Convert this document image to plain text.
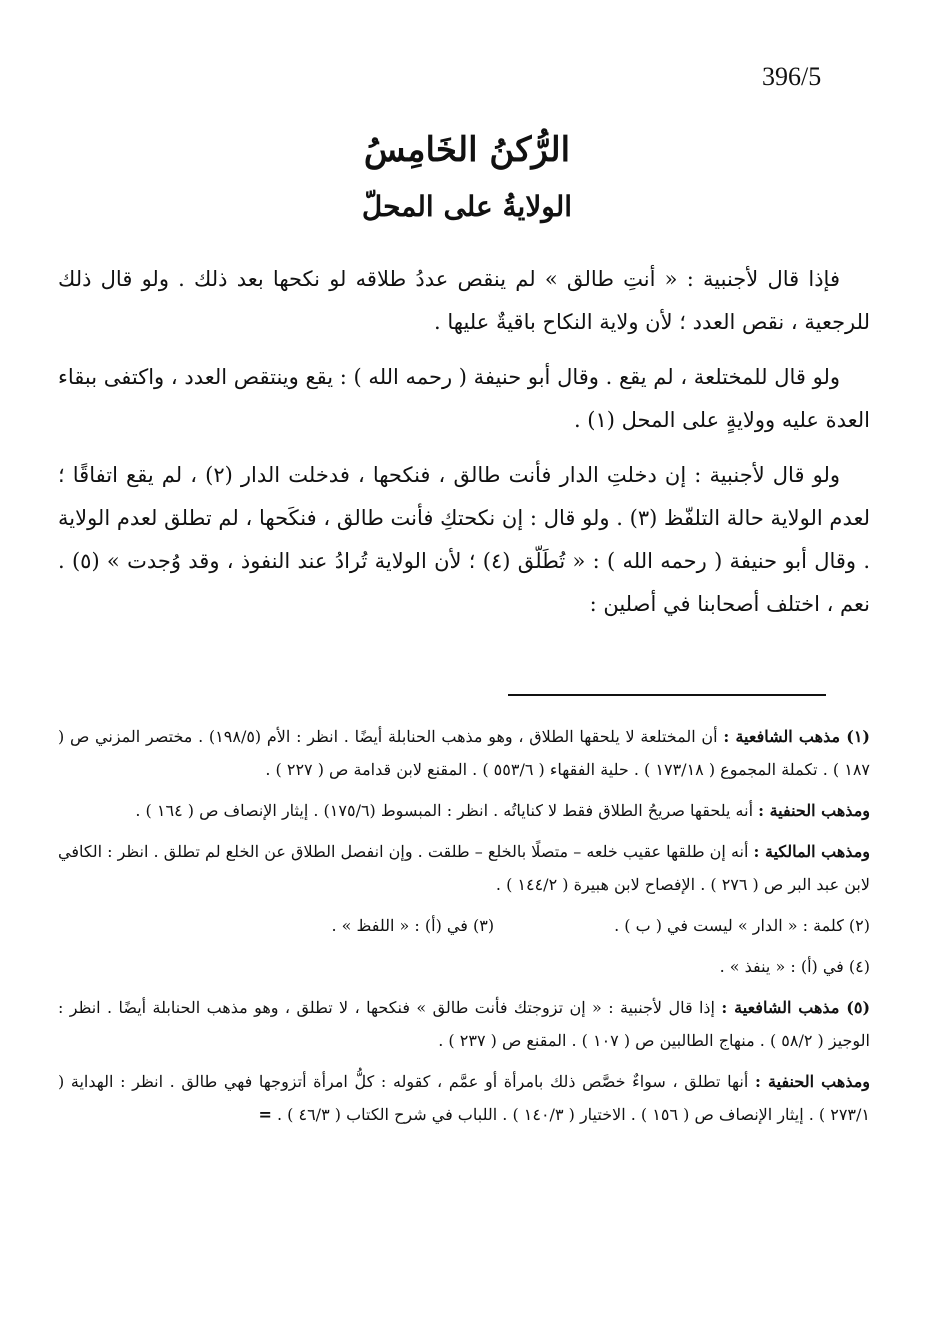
396/5
الرُّكنُ الخَامِسُ
الولايةُ على المحلّ

فإذا قال لأجنبية : « أنتِ طالق » لم ينقص عددُ طلاقه لو نكحها بعد ذلك . ولو قال ذلك للرجعية ، نقص العدد ؛ لأن ولاية النكاح باقيةٌ عليها .

ولو قال للمختلعة ، لم يقع . وقال أبو حنيفة ( رحمه الله ) : يقع وينتقص العدد ، واكتفى ببقاء العدة عليه وولايةٍ على المحل (١) .

ولو قال لأجنبية : إن دخلتِ الدار فأنت طالق ، فنكحها ، فدخلت الدار (٢) ، لم يقع اتفاقًا ؛ لعدم الولاية حالة التلفّظ (٣) . ولو قال : إن نكحتكِ فأنت طالق ، فنكَحها ، لم تطلق لعدم الولاية . وقال أبو حنيفة ( رحمه الله ) : « تُطَلّق (٤) ؛ لأن الولاية تُرادُ عند النفوذ ، وقد وُجدت » (٥) . نعم ، اختلف أصحابنا في أصلين :

(١) مذهب الشافعية : أن المختلعة لا يلحقها الطلاق ، وهو مذهب الحنابلة أيضًا . انظر : الأم (١٩٨/٥) . مختصر المزني ص ( ١٨٧ ) . تكملة المجموع ( ١٧٣/١٨ ) . حلية الفقهاء ( ٥٥٣/٦ ) . المقنع لابن قدامة ص ( ٢٢٧ ) .

ومذهب الحنفية : أنه يلحقها صريحُ الطلاق فقط لا كناياتُه . انظر : المبسوط (١٧٥/٦) . إيثار الإنصاف ص ( ١٦٤ ) .

ومذهب المالكية : أنه إن طلقها عقيب خلعه – متصلًا بالخلع – طلقت . وإن انفصل الطلاق عن الخلع لم تطلق . انظر : الكافي لابن عبد البر ص ( ٢٧٦ ) . الإفصاح لابن هبيرة ( ١٤٤/٢ ) .

(٢) كلمة : « الدار » ليست في ( ب ) .
(٣) في (أ) : « اللفظ » .

(٤) في (أ) : « ينفذ » .

(٥) مذهب الشافعية : إذا قال لأجنبية : « إن تزوجتك فأنت طالق » فنكحها ، لا تطلق ، وهو مذهب الحنابلة أيضًا . انظر : الوجيز ( ٥٨/٢ ) . منهاج الطالبين ص ( ١٠٧ ) . المقنع ص ( ٢٣٧ ) .

ومذهب الحنفية : أنها تطلق ، سواءٌ خصَّص ذلك بامرأة أو عمَّم ، كقوله : كلُّ امرأة أتزوجها فهي طالق . انظر : الهداية ( ٢٧٣/١ ) . إيثار الإنصاف ص ( ١٥٦ ) . الاختيار ( ١٤٠/٣ ) . اللباب في شرح الكتاب ( ٤٦/٣ ) . =
